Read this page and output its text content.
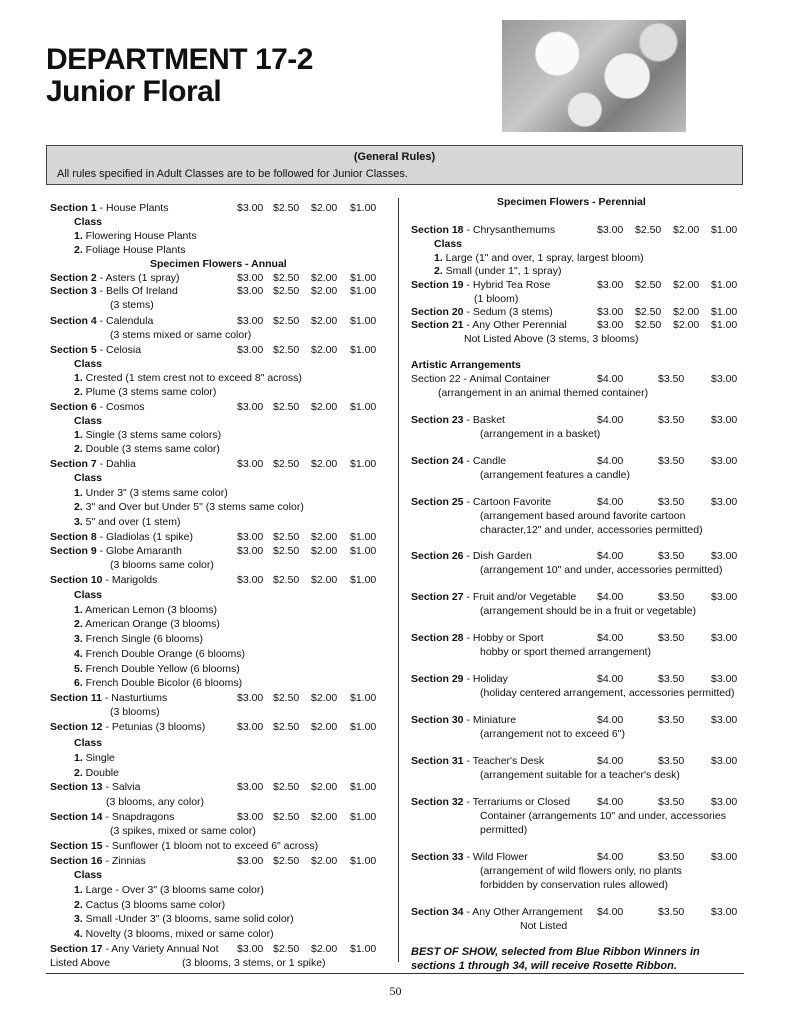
DEPARTMENT 17-2
Junior Floral
(General Rules)
All rules specified in Adult Classes are to be followed for Junior Classes.
Section 1 - House Plants	$3.00 $2.50 $2.00 $1.00
Class
1. Flowering House Plants
2. Foliage House Plants
Specimen Flowers - Annual
Section 2 - Asters (1 spray)	$3.00 $2.50 $2.00 $1.00
Section 3 - Bells Of Ireland	$3.00 $2.50 $2.00 $1.00
(3 stems)
Section 4 - Calendula	$3.00 $2.50 $2.00 $1.00
(3 stems mixed or same color)
Section 5 - Celosia	$3.00 $2.50 $2.00 $1.00
Class
1. Crested (1 stem crest not to exceed 8" across)
2. Plume (3 stems same color)
Section 6 - Cosmos	$3.00 $2.50 $2.00 $1.00
Class
1. Single (3 stems same colors)
2. Double (3 stems same color)
Section 7 - Dahlia	$3.00 $2.50 $2.00 $1.00
Class
1. Under 3" (3 stems same color)
2. 3" and Over but Under 5" (3 stems same color)
3. 5" and over (1 stem)
Section 8 - Gladiolas (1 spike)	$3.00 $2.50 $2.00 $1.00
Section 9 - Globe Amaranth	$3.00 $2.50 $2.00 $1.00
(3 blooms same color)
Section 10 - Marigolds	$3.00 $2.50 $2.00 $1.00
Class
1. American Lemon (3 blooms)
2. American Orange (3 blooms)
3. French Single (6 blooms)
4. French Double Orange (6 blooms)
5. French Double Yellow (6 blooms)
6. French Double Bicolor (6 blooms)
Section 11 - Nasturtiums	$3.00 $2.50 $2.00 $1.00
(3 blooms)
Section 12 - Petunias (3 blooms)	$3.00 $2.50 $2.00 $1.00
Class
1. Single
2. Double
Section 13 - Salvia	$3.00 $2.50 $2.00 $1.00
(3 blooms, any color)
Section 14 - Snapdragons	$3.00 $2.50 $2.00 $1.00
(3 spikes, mixed or same color)
Section 15 - Sunflower (1 bloom not to exceed 6" across)
Section 16 - Zinnias	$3.00 $2.50 $2.00 $1.00
Class
1. Large - Over 3" (3 blooms same color)
2. Cactus (3 blooms same color)
3. Small -Under 3" (3 blooms, same solid color)
4. Novelty (3 blooms, mixed or same color)
Section 17 - Any Variety Annual Not $3.00 $2.50 $2.00 $1.00
Listed Above	(3 blooms, 3 stems, or 1 spike)
Specimen Flowers - Perennial
Section 18 - Chrysanthemums	$3.00 $2.50 $2.00 $1.00
Class
1. Large (1" and over, 1 spray, largest bloom)
2. Small (under 1", 1 spray)
Section 19 - Hybrid Tea Rose	$3.00 $2.50 $2.00 $1.00
(1 bloom)
Section 20 - Sedum (3 stems)	$3.00 $2.50 $2.00 $1.00
Section 21 - Any Other Perennial	$3.00 $2.50 $2.00 $1.00
Not Listed Above (3 stems, 3 blooms)
Artistic Arrangements
Section 22 - Animal Container	$4.00	$3.50	$3.00
(arrangement in an animal themed container)
Section 23 - Basket	$4.00	$3.50	$3.00
(arrangement in a basket)
Section 24 - Candle	$4.00	$3.50	$3.00
(arrangement features a candle)
Section 25 - Cartoon Favorite	$4.00	$3.50	$3.00
(arrangement based around favorite cartoon
character,12" and under, accessories permitted)
Section 26 - Dish Garden	$4.00	$3.50	$3.00
(arrangement 10" and under, accessories permitted)
Section 27 - Fruit and/or Vegetable $4.00	$3.50	$3.00
(arrangement should be in a fruit or vegetable)
Section 28 - Hobby or Sport	$4.00	$3.50	$3.00
hobby or sport themed arrangement)
Section 29 - Holiday	$4.00	$3.50	$3.00
(holiday centered arrangement, accessories permitted)
Section 30 - Miniature	$4.00	$3.50	$3.00
(arrangement not to exceed 6")
Section 31 - Teacher's Desk	$4.00	$3.50	$3.00
(arrangement suitable for a teacher's desk)
Section 32 - Terrariums or Closed	$4.00	$3.50	$3.00
Container (arrangements 10" and under, accessories
permitted)
Section 33 - Wild Flower	$4.00	$3.50	$3.00
(arrangement of wild flowers only, no plants
forbidden by conservation rules allowed)
Section 34 - Any Other Arrangement $4.00	$3.50	$3.00
Not Listed
BEST OF SHOW, selected from Blue Ribbon Winners in
sections 1 through 34, will receive Rosette Ribbon.
50
